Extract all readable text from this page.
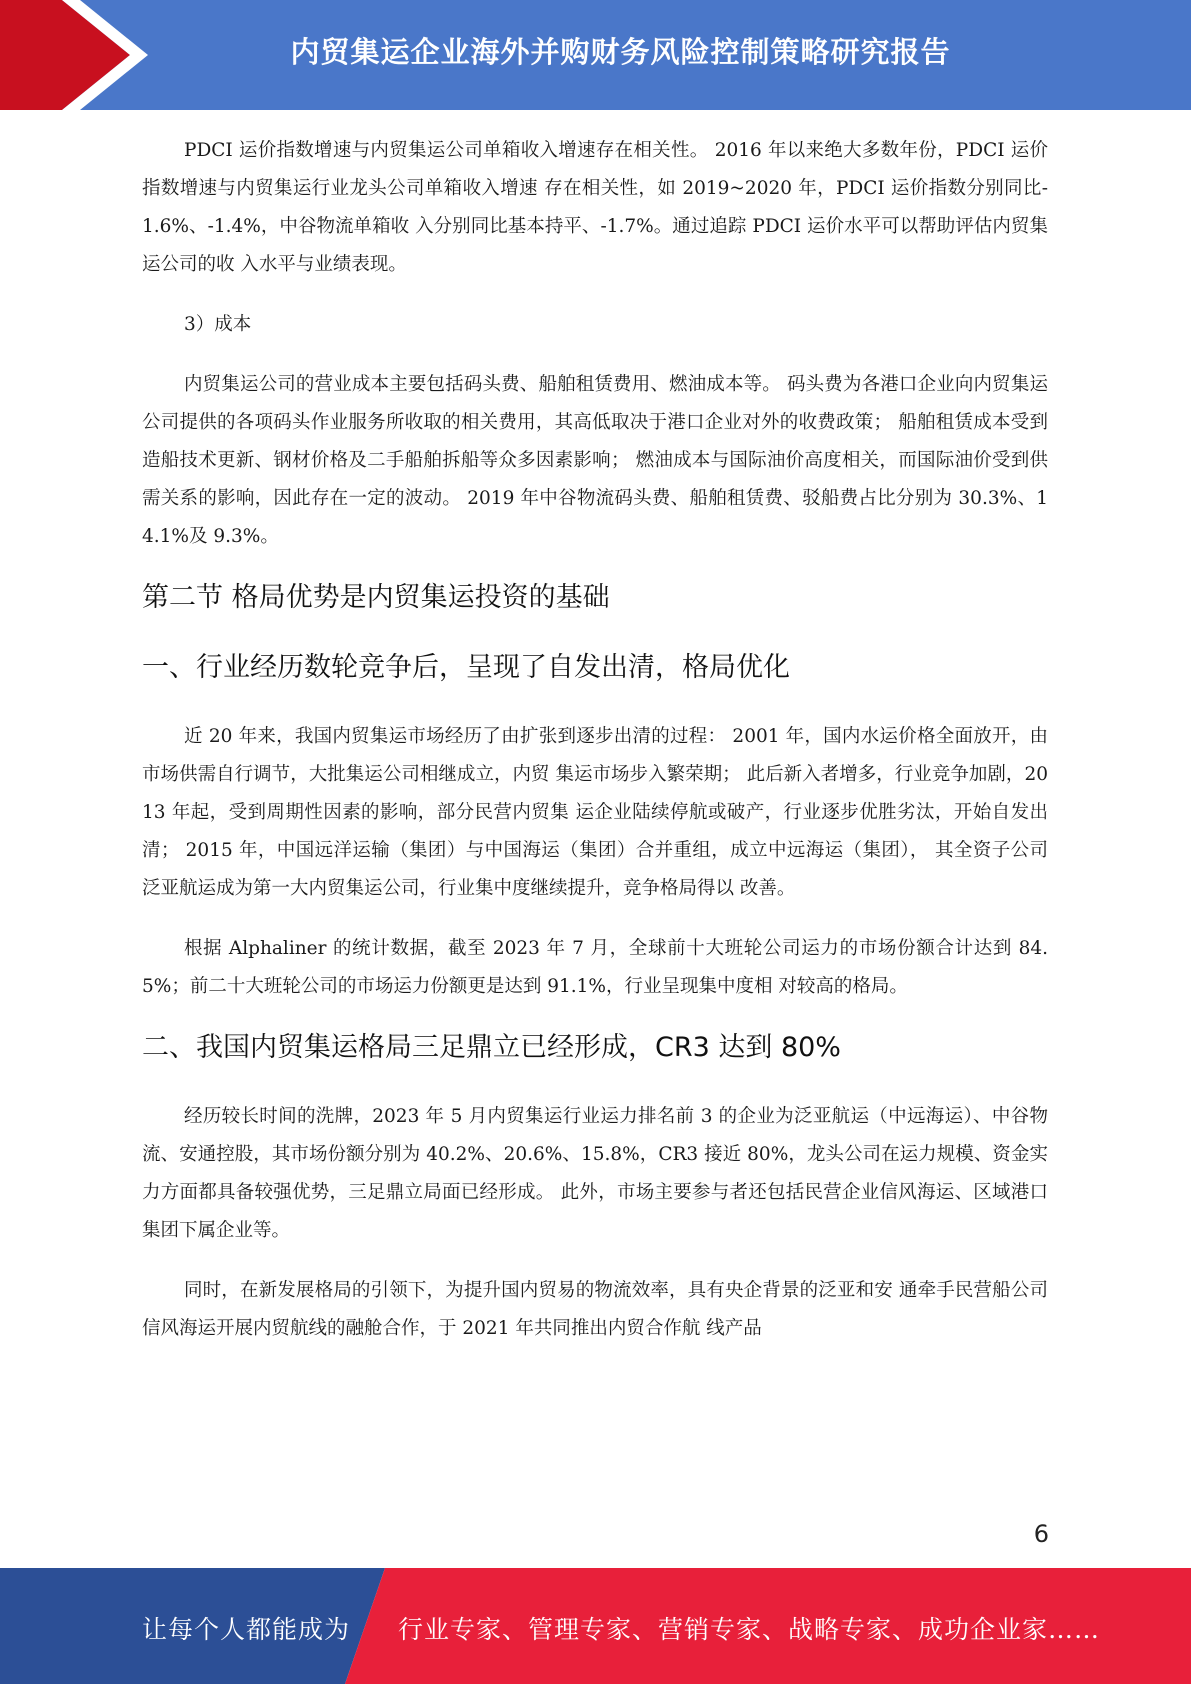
内贸集运企业海外并购财务风险控制策略研究报告

PDCI 运价指数增速与内贸集运公司单箱收入增速存在相关性。 2016 年以来绝大多数年份，PDCI 运价指数增速与内贸集运行业龙头公司单箱收入增速 存在相关性，如 2019~2020 年，PDCI 运价指数分别同比-1.6%、-1.4%，中谷物流单箱收 入分别同比基本持平、-1.7%。通过追踪 PDCI 运价水平可以帮助评估内贸集运公司的收 入水平与业绩表现。

3）成本

内贸集运公司的营业成本主要包括码头费、船舶租赁费用、燃油成本等。 码头费为各港口企业向内贸集运公司提供的各项码头作业服务所收取的相关费用，其高低取决于港口企业对外的收费政策； 船舶租赁成本受到造船技术更新、钢材价格及二手船舶拆船等众多因素影响； 燃油成本与国际油价高度相关，而国际油价受到供需关系的影响，因此存在一定的波动。 2019 年中谷物流码头费、船舶租赁费、驳船费占比分别为 30.3%、14.1%及 9.3%。

第二节 格局优势是内贸集运投资的基础
一、行业经历数轮竞争后，呈现了自发出清，格局优化

近 20 年来，我国内贸集运市场经历了由扩张到逐步出清的过程： 2001 年，国内水运价格全面放开，由市场供需自行调节，大批集运公司相继成立，内贸 集运市场步入繁荣期； 此后新入者增多，行业竞争加剧，2013 年起，受到周期性因素的影响，部分民营内贸集 运企业陆续停航或破产，行业逐步优胜劣汰，开始自发出清； 2015 年，中国远洋运输（集团）与中国海运（集团）合并重组，成立中远海运（集团）， 其全资子公司泛亚航运成为第一大内贸集运公司，行业集中度继续提升，竞争格局得以 改善。

根据 Alphaliner 的统计数据，截至 2023 年 7 月，全球前十大班轮公司运力的市场份额合计达到 84.5%；前二十大班轮公司的市场运力份额更是达到 91.1%，行业呈现集中度相 对较高的格局。

二、我国内贸集运格局三足鼎立已经形成，CR3 达到 80%

经历较长时间的洗牌，2023 年 5 月内贸集运行业运力排名前 3 的企业为泛亚航运（中远海运）、中谷物流、安通控股，其市场份额分别为 40.2%、20.6%、15.8%，CR3 接近 80%，龙头公司在运力规模、资金实力方面都具备较强优势，三足鼎立局面已经形成。 此外，市场主要参与者还包括民营企业信风海运、区域港口集团下属企业等。

同时，在新发展格局的引领下，为提升国内贸易的物流效率，具有央企背景的泛亚和安 通牵手民营船公司信风海运开展内贸航线的融舱合作，于 2021 年共同推出内贸合作航 线产品

6
让每个人都能成为 行业专家、管理专家、营销专家、战略专家、成功企业家……
